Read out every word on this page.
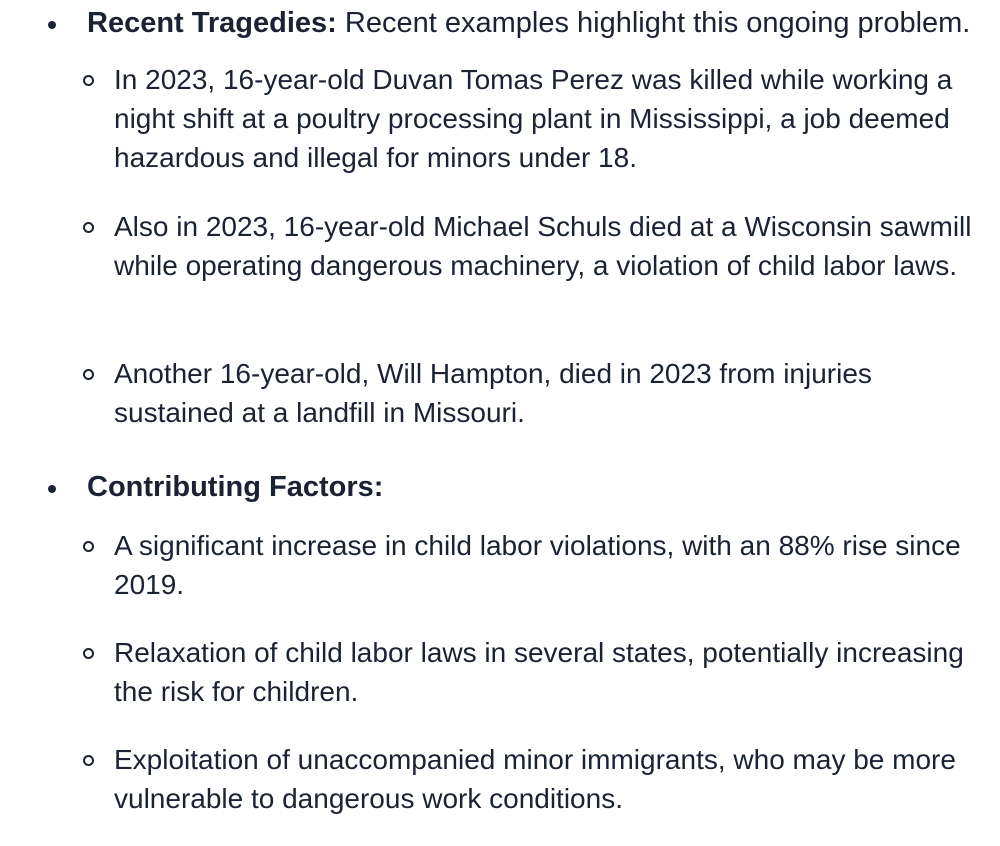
Recent Tragedies: Recent examples highlight this ongoing problem.
In 2023, 16-year-old Duvan Tomas Perez was killed while working a night shift at a poultry processing plant in Mississippi, a job deemed hazardous and illegal for minors under 18.
Also in 2023, 16-year-old Michael Schuls died at a Wisconsin sawmill while operating dangerous machinery, a violation of child labor laws.
Another 16-year-old, Will Hampton, died in 2023 from injuries sustained at a landfill in Missouri.
Contributing Factors:
A significant increase in child labor violations, with an 88% rise since 2019.
Relaxation of child labor laws in several states, potentially increasing the risk for children.
Exploitation of unaccompanied minor immigrants, who may be more vulnerable to dangerous work conditions.
